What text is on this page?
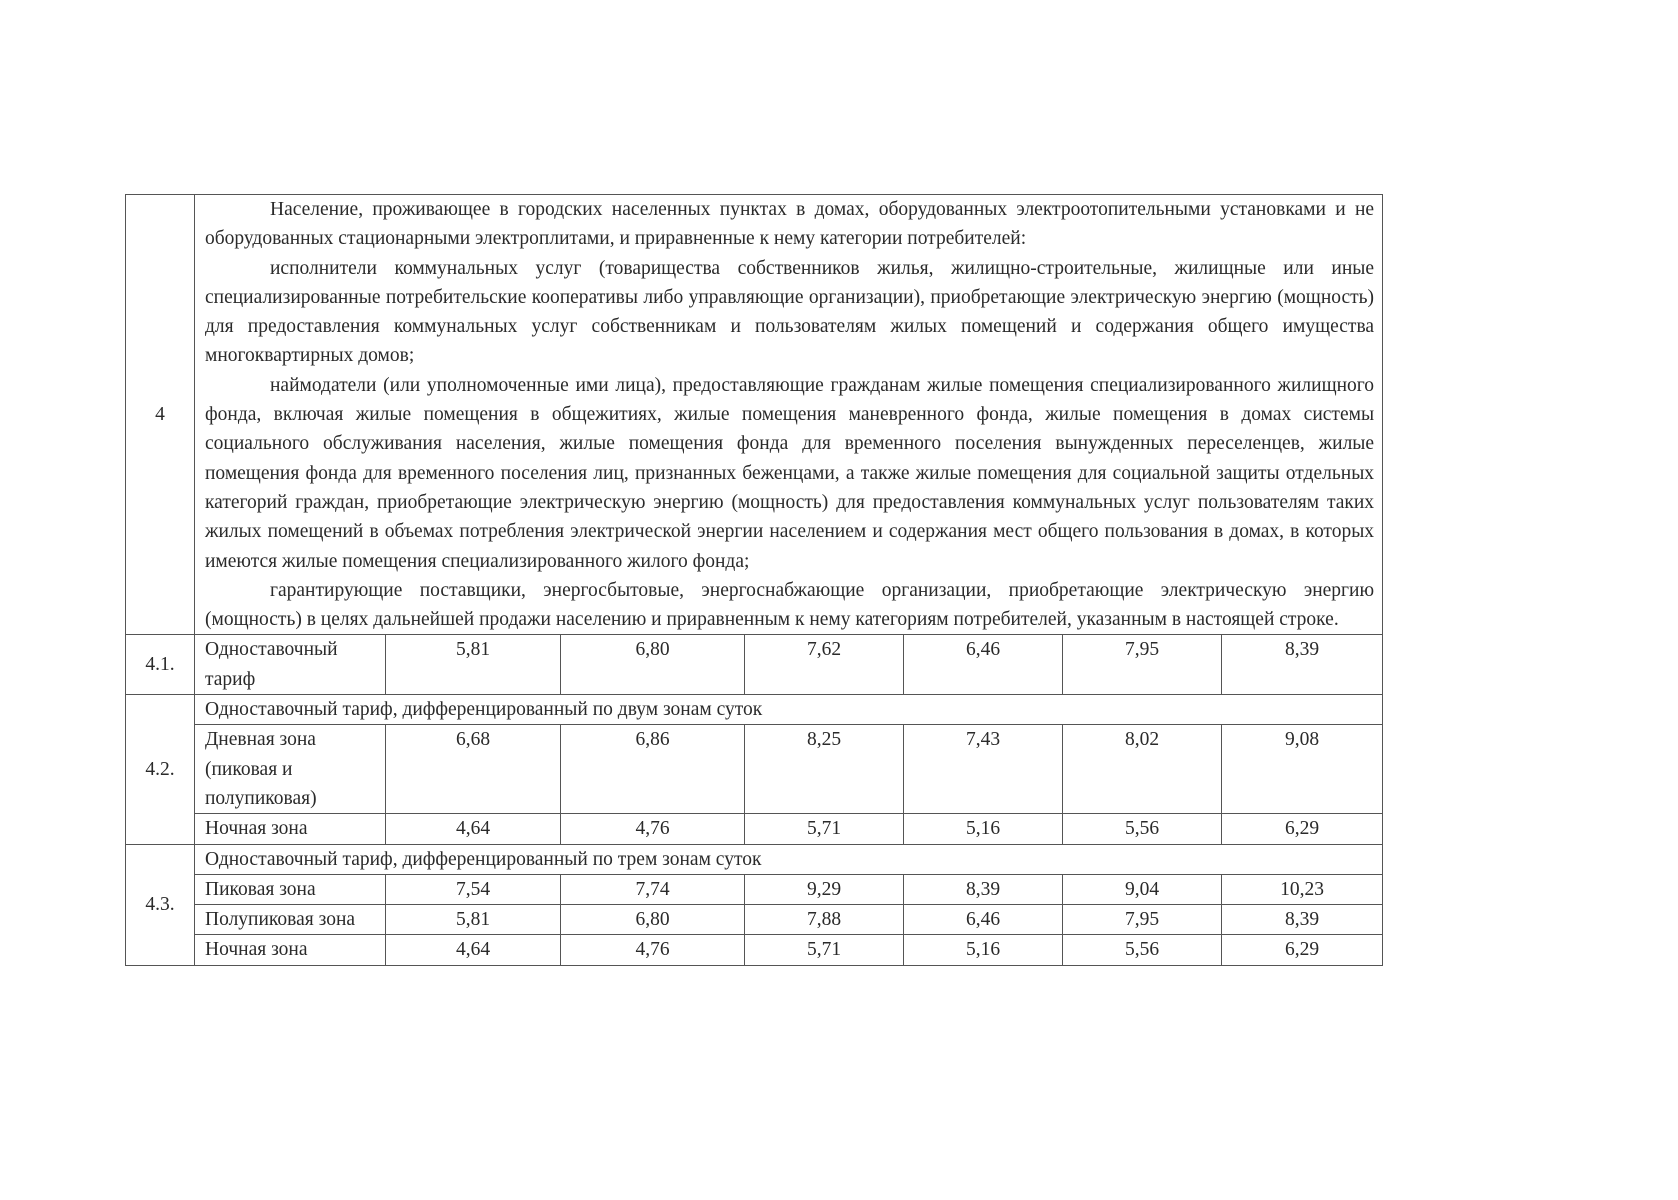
4	Население, проживающее в городских населенных пунктах в домах, оборудованных электроотопительными установками и не оборудованных стационарными электроплитами, и приравненные к нему категории потребителей:

исполнители коммунальных услуг (товарищества собственников жилья, жилищно-строительные, жилищные или иные специализированные потребительские кооперативы либо управляющие организации), приобретающие электрическую энергию (мощность) для предоставления коммунальных услуг собственникам и пользователям жилых помещений и содержания общего имущества многоквартирных домов;

наймодатели (или уполномоченные ими лица), предоставляющие гражданам жилые помещения специализированного жилищного фонда, включая жилые помещения в общежитиях, жилые помещения маневренного фонда, жилые помещения в домах системы социального обслуживания населения, жилые помещения фонда для временного поселения вынужденных переселенцев, жилые помещения фонда для временного поселения лиц, признанных беженцами, а также жилые помещения для социальной защиты отдельных категорий граждан, приобретающие электрическую энергию (мощность) для предоставления коммунальных услуг пользователям таких жилых помещений в объемах потребления электрической энергии населением и содержания мест общего пользования в домах, в которых имеются жилые помещения специализированного жилого фонда;

гарантирующие поставщики, энергосбытовые, энергоснабжающие организации, приобретающие электрическую энергию (мощность) в целях дальнейшей продажи населению и приравненным к нему категориям потребителей, указанным в настоящей строке.						

4.1.	Одноставочный тариф	5,81	6,80	7,62	6,46	7,95	8,39
4.2.	Одноставочный тариф, дифференцированный по двум зонам суток						
	Дневная зона (пиковая и полупиковая)	6,68	6,86	8,25	7,43	8,02	9,08
	Ночная зона	4,64	4,76	5,71	5,16	5,56	6,29
4.3.	Одноставочный тариф, дифференцированный по трем зонам суток						
	Пиковая зона	7,54	7,74	9,29	8,39	9,04	10,23
	Полупиковая зона	5,81	6,80	7,88	6,46	7,95	8,39
	Ночная зона	4,64	4,76	5,71	5,16	5,56	6,29
